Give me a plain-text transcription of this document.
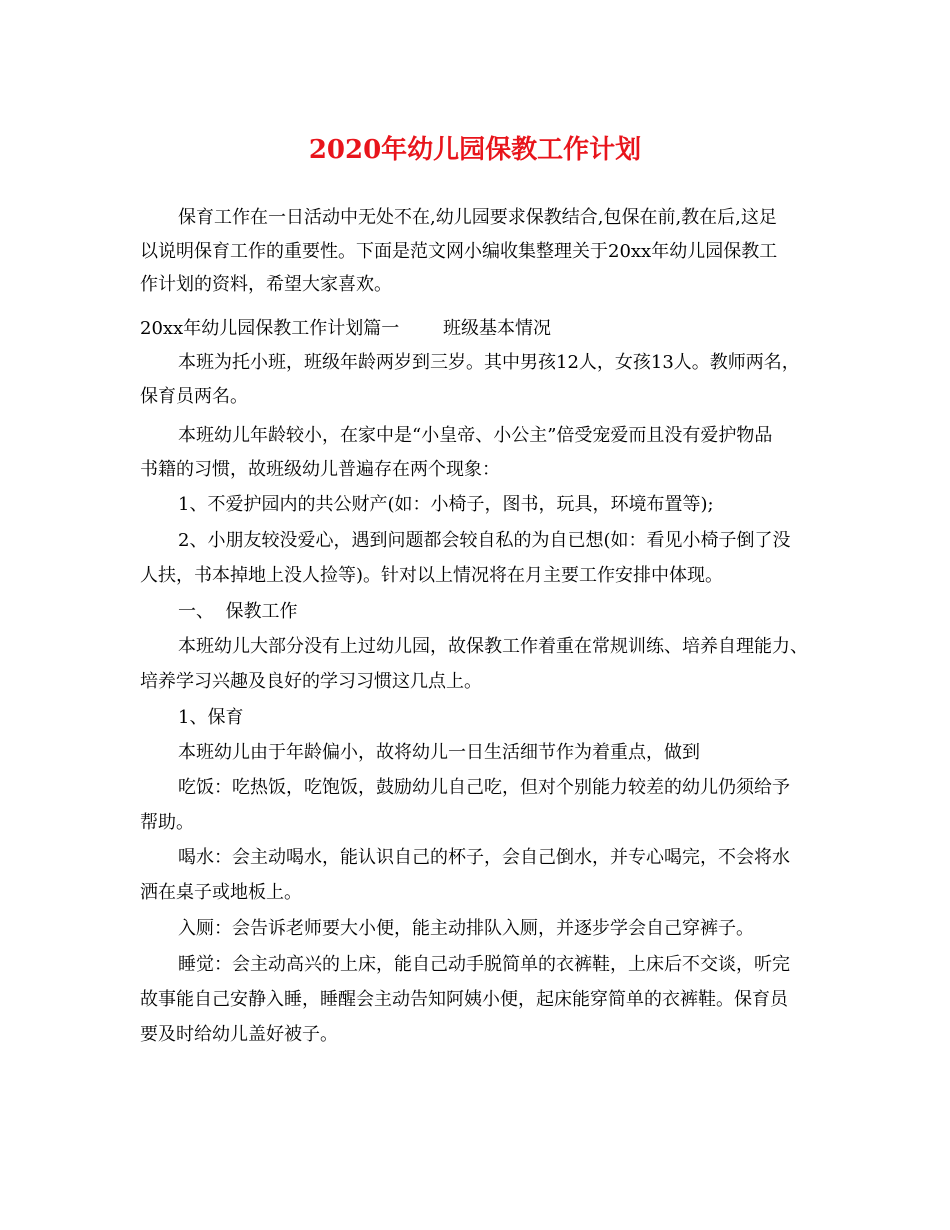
2020年幼儿园保教工作计划
保育工作在一日活动中无处不在,幼儿园要求保教结合,包保在前,教在后,这足
以说明保育工作的重要性。下面是范文网小编收集整理关于20xx年幼儿园保教工
作计划的资料，希望大家喜欢。
20xx年幼儿园保教工作计划篇一 班级基本情况
本班为托小班，班级年龄两岁到三岁。其中男孩12人，女孩13人。教师两名，
保育员两名。
本班幼儿年龄较小，在家中是“小皇帝、小公主”倍受宠爱而且没有爱护物品
书籍的习惯，故班级幼儿普遍存在两个现象：
1、不爱护园内的共公财产(如：小椅子，图书，玩具，环境布置等);
2、小朋友较没爱心，遇到问题都会较自私的为自已想(如：看见小椅子倒了没
人扶，书本掉地上没人捡等)。针对以上情况将在月主要工作安排中体现。
一、  保教工作
本班幼儿大部分没有上过幼儿园，故保教工作着重在常规训练、培养自理能力、
培养学习兴趣及良好的学习习惯这几点上。
1、保育
本班幼儿由于年龄偏小，故将幼儿一日生活细节作为着重点，做到
吃饭：吃热饭，吃饱饭，鼓励幼儿自己吃，但对个别能力较差的幼儿仍须给予
帮助。
喝水：会主动喝水，能认识自己的杯子，会自己倒水，并专心喝完，不会将水
洒在桌子或地板上。
入厕：会告诉老师要大小便，能主动排队入厕，并逐步学会自己穿裤子。
睡觉：会主动高兴的上床，能自己动手脱简单的衣裤鞋，上床后不交谈，听完
故事能自己安静入睡，睡醒会主动告知阿姨小便，起床能穿简单的衣裤鞋。保育员
要及时给幼儿盖好被子。
